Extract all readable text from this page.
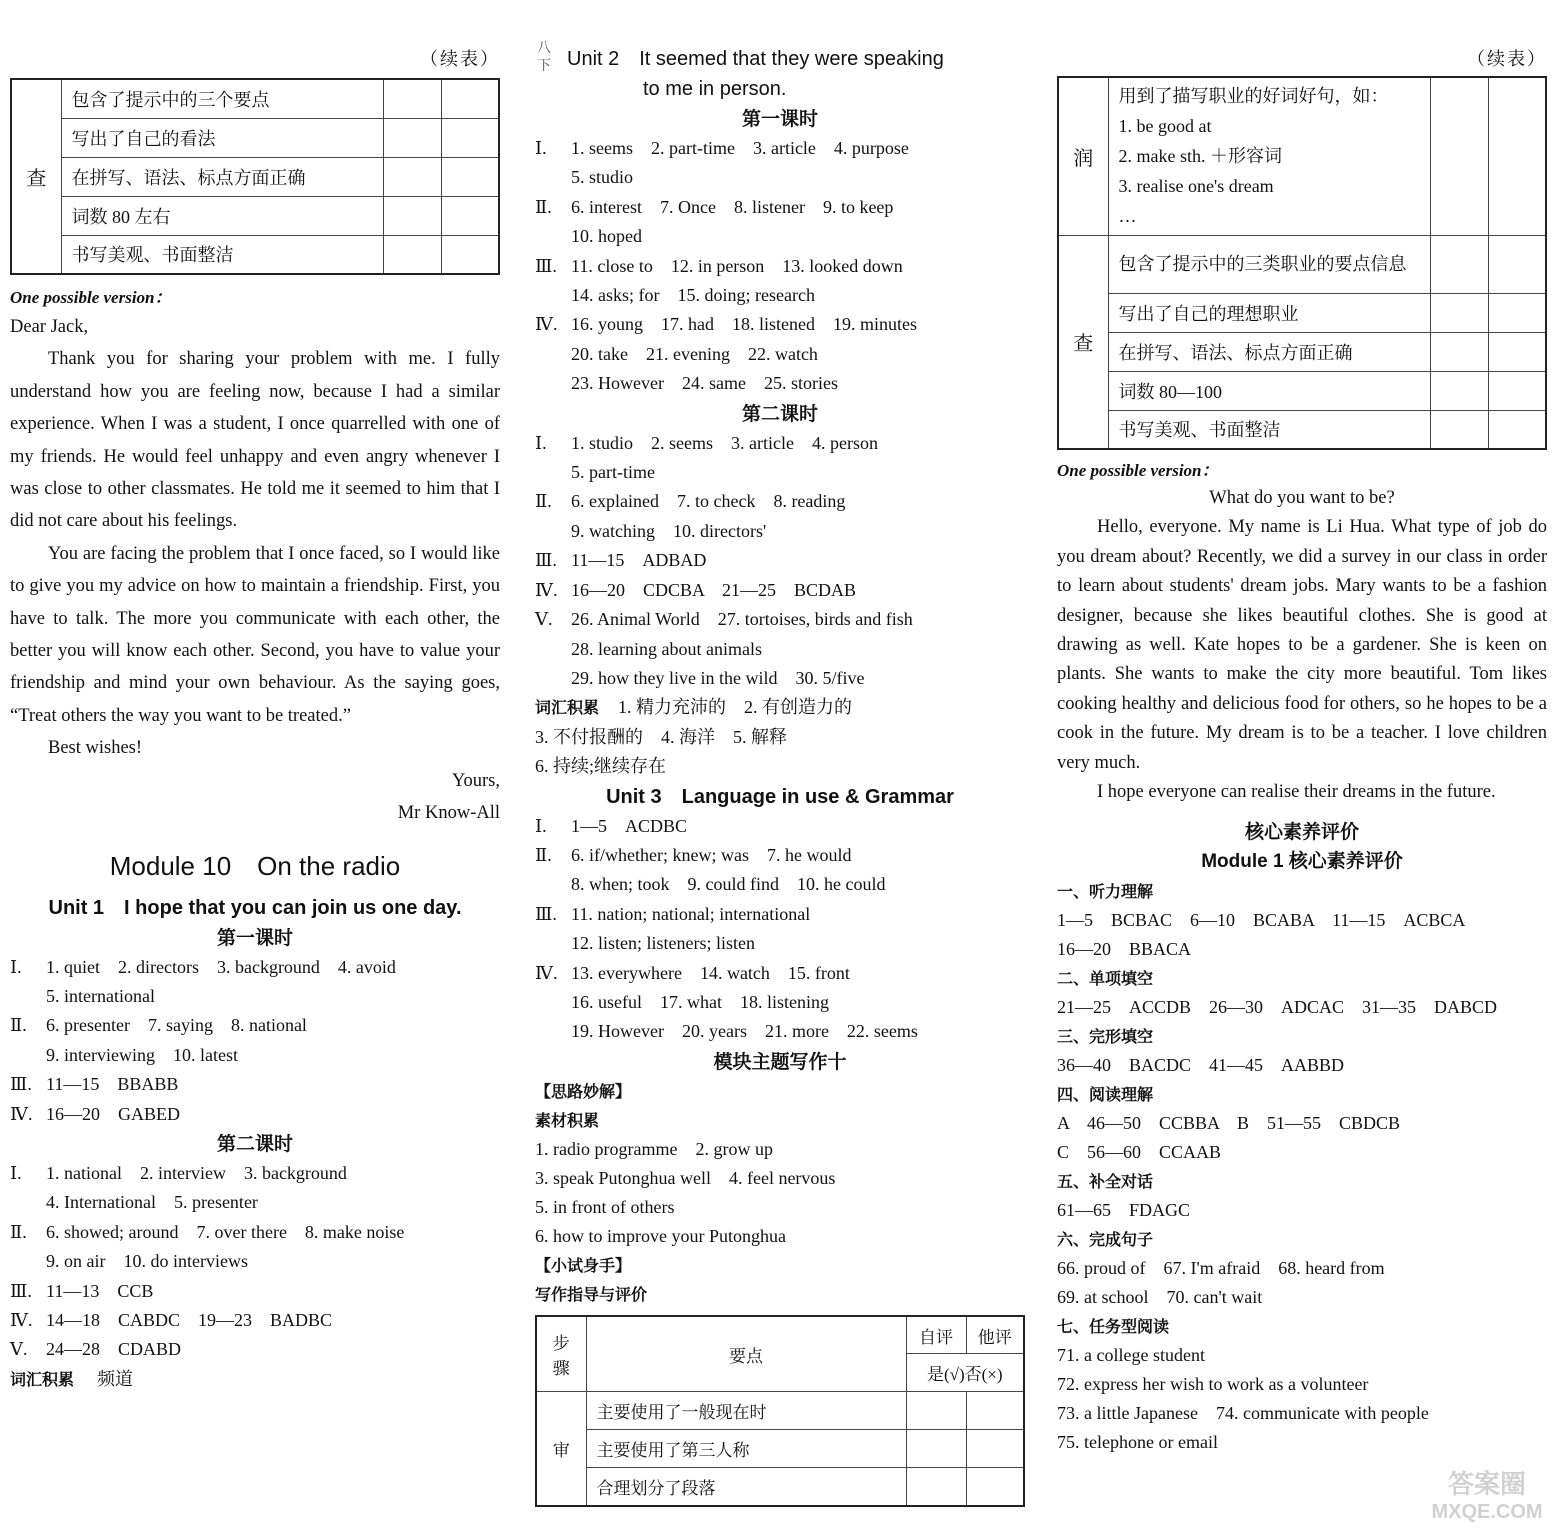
（续表）
查	包含了提示中的三个要点		
	写出了自己的看法		
	在拼写、语法、标点方面正确		
	词数 80 左右		
	书写美观、书面整洁		
One possible version：

Dear Jack,

Thank you for sharing your problem with me. I fully understand how you are feeling now, because I had a similar experience. When I was a student, I once quarrelled with one of my friends. He would feel unhappy and even angry whenever I was close to other classmates. He told me it seemed to him that I did not care about his feelings.

You are facing the problem that I once faced, so I would like to give you my advice on how to maintain a friendship. First, you have to talk. The more you communicate with each other, the better you will know each other. Second, you have to value your friendship and mind your own behaviour. As the saying goes, “Treat others the way you want to be treated.”

Best wishes!

Yours,

Mr Know-All

Module 10　On the radio
Unit 1　I hope that you can join us one day.
第一课时
Ⅰ. 1. quiet　2. directors　3. background　4. avoid
5. international
Ⅱ. 6. presenter　7. saying　8. national
9. interviewing　10. latest
Ⅲ. 11—15　BBABB
Ⅳ. 16—20　GABED
第二课时
Ⅰ. 1. national　2. interview　3. background
4. International　5. presenter
Ⅱ. 6. showed; around　7. over there　8. make noise
9. on air　10. do interviews
Ⅲ. 11—13　CCB
Ⅳ. 14—18　CABDC　19—23　BADBC
Ⅴ. 24—28　CDABD
词汇积累 频道
八下 Unit 2　It seemed that they were speaking
to me in person.
第一课时
Ⅰ. 1. seems　2. part-time　3. article　4. purpose
5. studio
Ⅱ. 6. interest　7. Once　8. listener　9. to keep
10. hoped
Ⅲ. 11. close to　12. in person　13. looked down
14. asks; for　15. doing; research
Ⅳ. 16. young　17. had　18. listened　19. minutes
20. take　21. evening　22. watch
23. However　24. same　25. stories
第二课时
Ⅰ. 1. studio　2. seems　3. article　4. person
5. part-time
Ⅱ. 6. explained　7. to check　8. reading
9. watching　10. directors'
Ⅲ. 11—15　ADBAD
Ⅳ. 16—20　CDCBA　21—25　BCDAB
Ⅴ. 26. Animal World　27. tortoises, birds and fish
28. learning about animals
29. how they live in the wild　30. 5/five
词汇积累 1. 精力充沛的　2. 有创造力的
3. 不付报酬的　4. 海洋　5. 解释
6. 持续;继续存在
Unit 3　Language in use & Grammar
Ⅰ. 1—5　ACDBC
Ⅱ. 6. if/whether; knew; was　7. he would
8. when; took　9. could find　10. he could
Ⅲ. 11. nation; national; international
12. listen; listeners; listen
Ⅳ. 13. everywhere　14. watch　15. front
16. useful　17. what　18. listening
19. However　20. years　21. more　22. seems
模块主题写作十
【思路妙解】
素材积累
1. radio programme　2. grow up
3. speak Putonghua well　4. feel nervous
5. in front of others
6. how to improve your Putonghua
【小试身手】
写作指导与评价
步骤	要点	自评	他评
		是(√)否(×)	
审	主要使用了一般现在时		
	主要使用了第三人称		
	合理划分了段落		
（续表）
润	用到了描写职业的好词好句，如：
1. be good at
2. make sth. ＋形容词
3. realise one's dream
…		

查	包含了提示中的三类职业的要点信息		
	写出了自己的理想职业		
	在拼写、语法、标点方面正确		
	词数 80—100		
	书写美观、书面整洁		
One possible version：

What do you want to be?

Hello, everyone. My name is Li Hua. What type of job do you dream about? Recently, we did a survey in our class in order to learn about students' dream jobs. Mary wants to be a fashion designer, because she likes beautiful clothes. She is good at drawing as well. Kate hopes to be a gardener. She is keen on plants. She wants to make the city more beautiful. Tom likes cooking healthy and delicious food for others, so he hopes to be a cook in the future. My dream is to be a teacher. I love children very much.

I hope everyone can realise their dreams in the future.

核心素养评价
Module 1 核心素养评价
一、听力理解
1—5　BCBAC　6—10　BCABA　11—15　ACBCA
16—20　BBACA
二、单项填空
21—25　ACCDB　26—30　ADCAC　31—35　DABCD
三、完形填空
36—40　BACDC　41—45　AABBD
四、阅读理解
A　46—50　CCBBA　B　51—55　CBDCB
C　56—60　CCAAB
五、补全对话
61—65　FDAGC
六、完成句子
66. proud of　67. I'm afraid　68. heard from
69. at school　70. can't wait
七、任务型阅读
71. a college student
72. express her wish to work as a volunteer
73. a little Japanese　74. communicate with people
75. telephone or email
答案圈
MXQE.COM
